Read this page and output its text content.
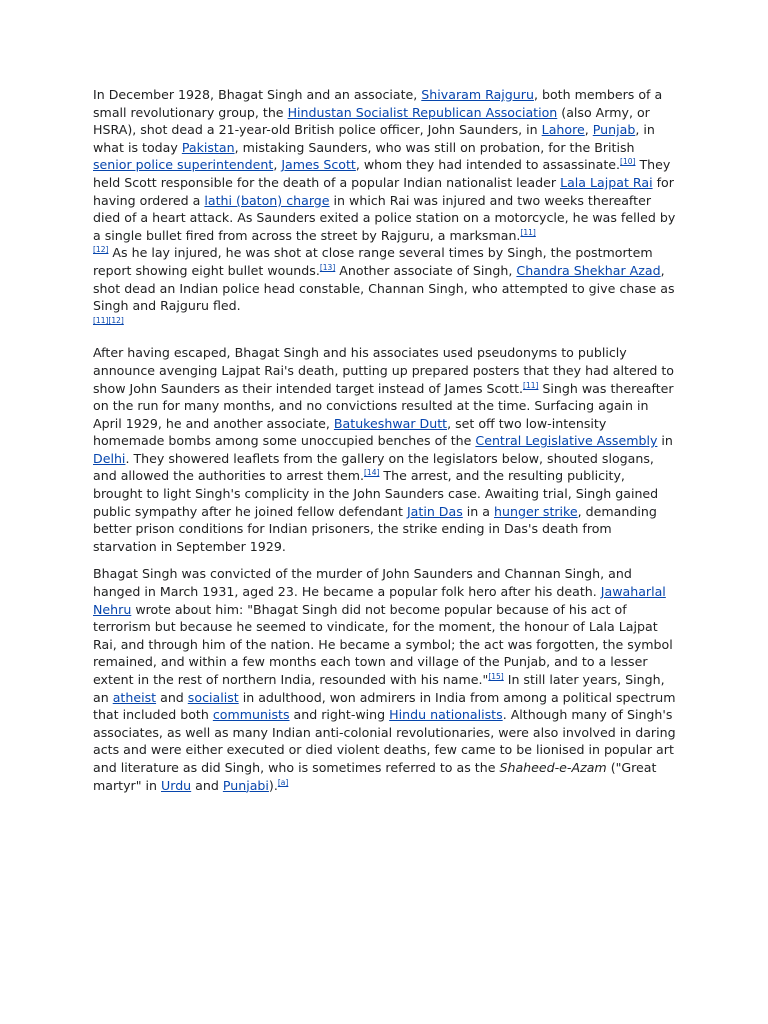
In December 1928, Bhagat Singh and an associate, Shivaram Rajguru, both members of a small revolutionary group, the Hindustan Socialist Republican Association (also Army, or HSRA), shot dead a 21-year-old British police officer, John Saunders, in Lahore, Punjab, in what is today Pakistan, mistaking Saunders, who was still on probation, for the British senior police superintendent, James Scott, whom they had intended to assassinate.[10] They held Scott responsible for the death of a popular Indian nationalist leader Lala Lajpat Rai for having ordered a lathi (baton) charge in which Rai was injured and two weeks thereafter died of a heart attack. As Saunders exited a police station on a motorcycle, he was felled by a single bullet fired from across the street by Rajguru, a marksman.[11]
[12] As he lay injured, he was shot at close range several times by Singh, the postmortem report showing eight bullet wounds.[13] Another associate of Singh, Chandra Shekhar Azad, shot dead an Indian police head constable, Channan Singh, who attempted to give chase as Singh and Rajguru fled.
[11][12]

After having escaped, Bhagat Singh and his associates used pseudonyms to publicly announce avenging Lajpat Rai's death, putting up prepared posters that they had altered to show John Saunders as their intended target instead of James Scott.[11] Singh was thereafter on the run for many months, and no convictions resulted at the time. Surfacing again in April 1929, he and another associate, Batukeshwar Dutt, set off two low-intensity homemade bombs among some unoccupied benches of the Central Legislative Assembly in Delhi. They showered leaflets from the gallery on the legislators below, shouted slogans, and allowed the authorities to arrest them.[14] The arrest, and the resulting publicity, brought to light Singh's complicity in the John Saunders case. Awaiting trial, Singh gained public sympathy after he joined fellow defendant Jatin Das in a hunger strike, demanding better prison conditions for Indian prisoners, the strike ending in Das's death from starvation in September 1929.

Bhagat Singh was convicted of the murder of John Saunders and Channan Singh, and hanged in March 1931, aged 23. He became a popular folk hero after his death. Jawaharlal Nehru wrote about him: "Bhagat Singh did not become popular because of his act of terrorism but because he seemed to vindicate, for the moment, the honour of Lala Lajpat Rai, and through him of the nation. He became a symbol; the act was forgotten, the symbol remained, and within a few months each town and village of the Punjab, and to a lesser extent in the rest of northern India, resounded with his name."[15] In still later years, Singh, an atheist and socialist in adulthood, won admirers in India from among a political spectrum that included both communists and right-wing Hindu nationalists. Although many of Singh's associates, as well as many Indian anti-colonial revolutionaries, were also involved in daring acts and were either executed or died violent deaths, few came to be lionised in popular art and literature as did Singh, who is sometimes referred to as the Shaheed-e-Azam ("Great martyr" in Urdu and Punjabi).[a]
